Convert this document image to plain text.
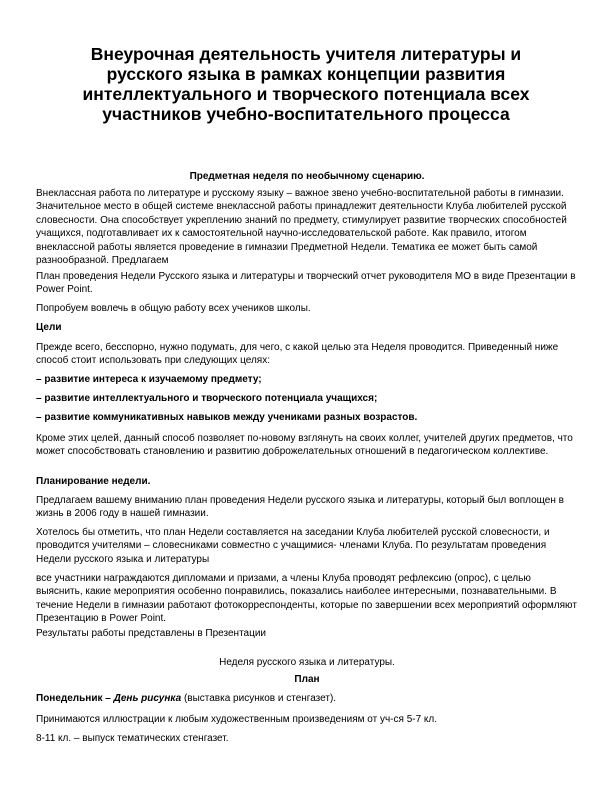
Внеурочная деятельность учителя литературы и
русского языка в рамках концепции развития
интеллектуального и творческого потенциала всех
участников учебно-воспитательного процесса
Предметная неделя по необычному сценарию.
Внеклассная работа по литературе и русскому языку – важное звено учебно-воспитательной работы в гимназии. Значительное место в общей системе внеклассной работы принадлежит деятельности Клуба любителей русской словесности. Она способствует укреплению знаний по предмету, стимулирует развитие творческих способностей учащихся, подготавливает их к самостоятельной научно-исследовательской работе. Как правило, итогом внеклассной работы является проведение в гимназии Предметной Недели. Тематика ее может быть самой разнообразной. Предлагаем
План проведения Недели Русского языка и литературы и творческий отчет руководителя МО в виде Презентации в Power Point.
Попробуем вовлечь в общую работу всех учеников школы.
Цели
Прежде всего, бесспорно, нужно подумать, для чего, с какой целью эта Неделя проводится. Приведенный ниже способ стоит использовать при следующих целях:
– развитие интереса к изучаемому предмету;
– развитие интеллектуального и творческого потенциала учащихся;
– развитие коммуникативных навыков между учениками разных возрастов.
Кроме этих целей, данный способ позволяет по-новому взглянуть на своих коллег, учителей других предметов, что может способствовать становлению и развитию доброжелательных отношений в педагогическом коллективе.
Планирование недели.
Предлагаем вашему вниманию план проведения Недели русского языка и литературы, который был воплощен в жизнь в 2006 году в нашей гимназии.
Хотелось бы отметить, что план Недели составляется на заседании Клуба любителей русской словесности, и проводится учителями – словесниками совместно с учащимися- членами Клуба. По результатам проведения Недели русского языка и литературы
все участники награждаются дипломами и призами, а члены Клуба проводят рефлексию (опрос), с целью выяснить, какие мероприятия особенно понравились, показались наиболее интересными, познавательными. В течение Недели в гимназии работают фотокорреспонденты, которые по завершении всех мероприятий оформляют Презентацию в Power Point.
Результаты работы представлены в Презентации
Неделя русского языка и литературы.
План
Понедельник – День рисунка (выставка рисунков и стенгазет).
Принимаются иллюстрации к любым художественным произведениям от уч-ся 5-7 кл.
8-11 кл. – выпуск тематических стенгазет.
